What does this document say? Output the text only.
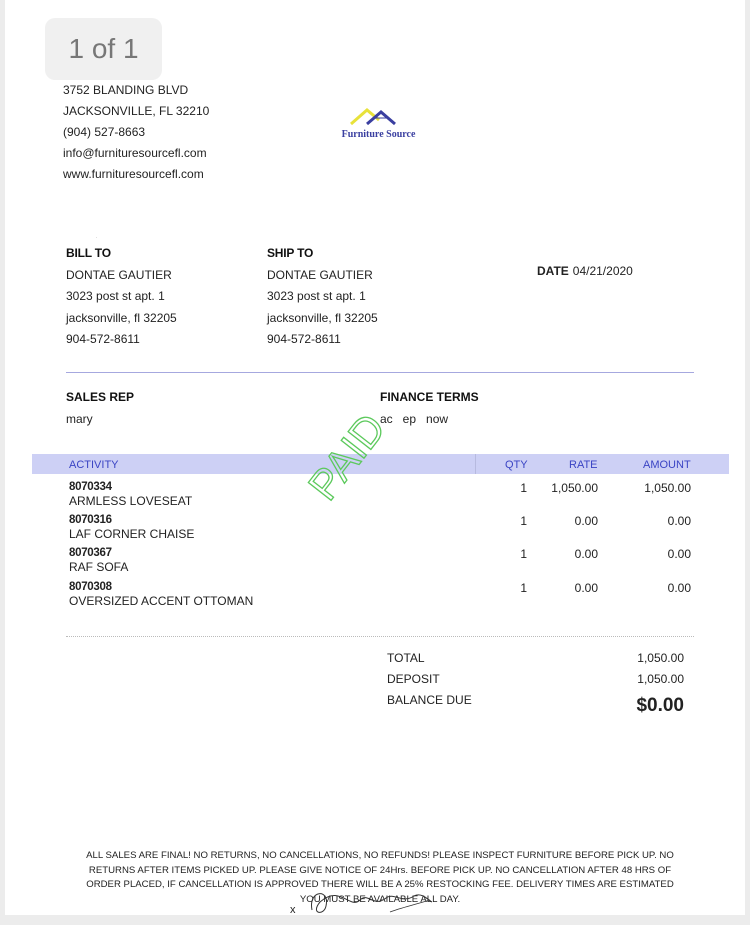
1 of 1
3752 BLANDING BLVD
JACKSONVILLE, FL 32210
(904) 527-8663
info@furnituresourcefl.com
www.furnituresourcefl.com
Furniture Source
·
BILL TO
DONTAE GAUTIER
3023 post st apt. 1
jacksonville, fl 32205
904-572-8611
SHIP TO
DONTAE GAUTIER
3023 post st apt. 1
jacksonville, fl 32205
904-572-8611
DATE 04/21/2020
SALES REP
mary
FINANCE TERMS
ac   ep   now
ACTIVITY	QTY	RATE	AMOUNT
8070334
ARMLESS LOVESEAT
1	1,050.00	1,050.00
8070316
LAF CORNER CHAISE
1	0.00	0.00
8070367
RAF SOFA
1	0.00	0.00
8070308
OVERSIZED ACCENT OTTOMAN
1	0.00	0.00
PAID
TOTAL	1,050.00
DEPOSIT	1,050.00
BALANCE DUE	$0.00
ALL SALES ARE FINAL! NO RETURNS, NO CANCELLATIONS, NO REFUNDS! PLEASE INSPECT FURNITURE BEFORE PICK UP. NO RETURNS AFTER ITEMS PICKED UP. PLEASE GIVE NOTICE OF 24Hrs. BEFORE PICK UP. NO CANCELLATION AFTER 48 HRS OF ORDER PLACED, IF CANCELLATION IS APPROVED THERE WILL BE A 25% RESTOCKING FEE. DELIVERY TIMES ARE ESTIMATED YOU MUST BE AVAILABLE ALL DAY.
x
